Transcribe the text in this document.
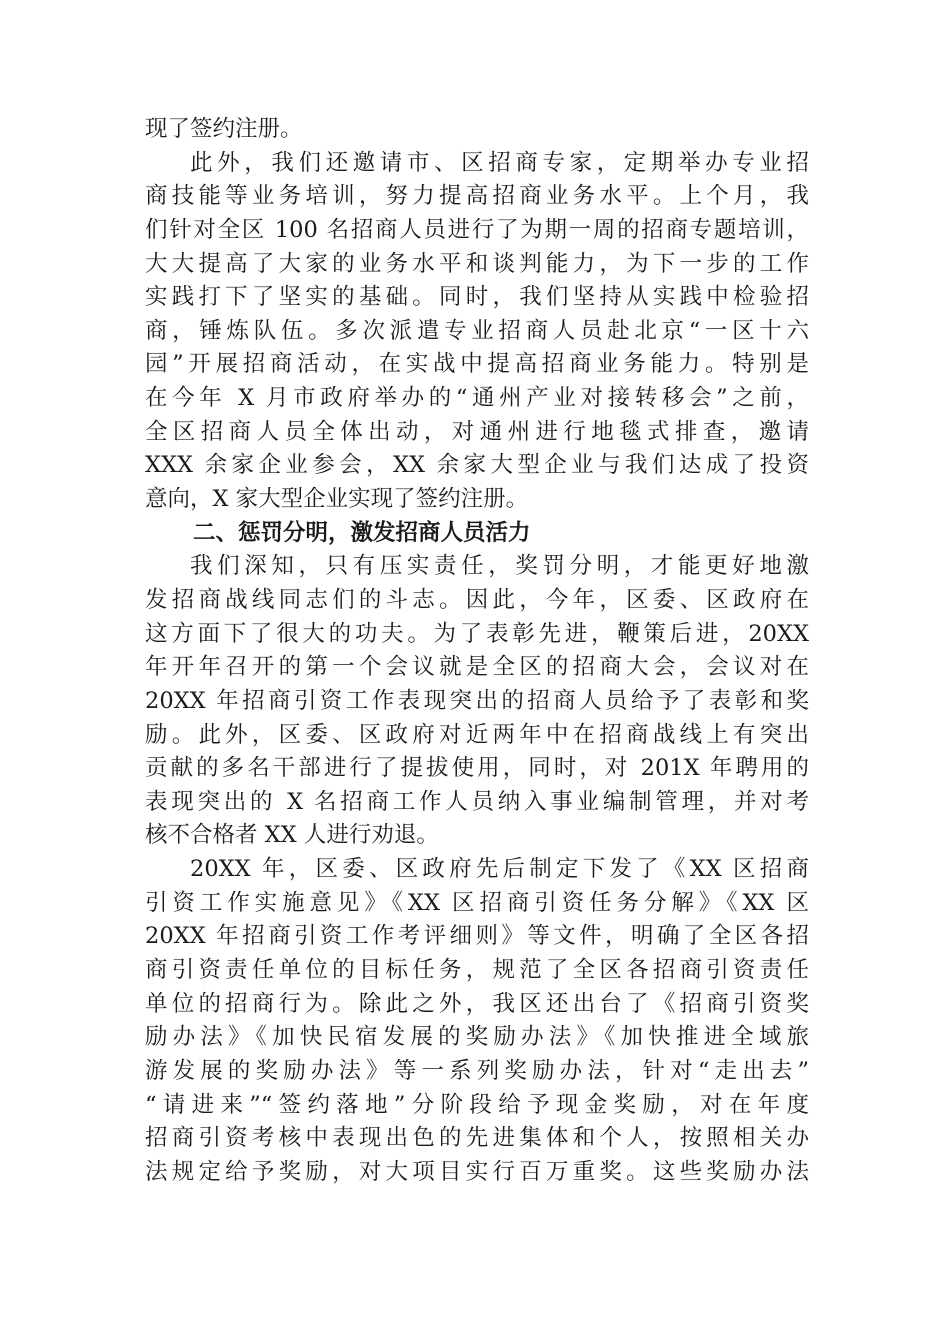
现了签约注册。
此外，我们还邀请市、区招商专家，定期举办专业招
商技能等业务培训，努力提高招商业务水平。上个月，我
们针对全区 100 名招商人员进行了为期一周的招商专题培训，
大大提高了大家的业务水平和谈判能力，为下一步的工作
实践打下了坚实的基础。同时，我们坚持从实践中检验招
商，锤炼队伍。多次派遣专业招商人员赴北京“一区十六
园”开展招商活动，在实战中提高招商业务能力。特别是
在今年 X 月市政府举办的“通州产业对接转移会”之前，
全区招商人员全体出动，对通州进行地毯式排查，邀请
XXX 余家企业参会，XX 余家大型企业与我们达成了投资
意向，X 家大型企业实现了签约注册。
二、惩罚分明，激发招商人员活力
我们深知，只有压实责任，奖罚分明，才能更好地激
发招商战线同志们的斗志。因此，今年，区委、区政府在
这方面下了很大的功夫。为了表彰先进，鞭策后进，20XX
年开年召开的第一个会议就是全区的招商大会，会议对在
20XX 年招商引资工作表现突出的招商人员给予了表彰和奖
励。此外，区委、区政府对近两年中在招商战线上有突出
贡献的多名干部进行了提拔使用，同时，对 201X 年聘用的
表现突出的 X 名招商工作人员纳入事业编制管理，并对考
核不合格者 XX 人进行劝退。
20XX 年，区委、区政府先后制定下发了《XX 区招商
引资工作实施意见》《XX 区招商引资任务分解》《XX 区
20XX 年招商引资工作考评细则》等文件，明确了全区各招
商引资责任单位的目标任务，规范了全区各招商引资责任
单位的招商行为。除此之外，我区还出台了《招商引资奖
励办法》《加快民宿发展的奖励办法》《加快推进全域旅
游发展的奖励办法》等一系列奖励办法，针对“走出去”
“请进来”“签约落地”分阶段给予现金奖励，对在年度
招商引资考核中表现出色的先进集体和个人，按照相关办
法规定给予奖励，对大项目实行百万重奖。这些奖励办法
